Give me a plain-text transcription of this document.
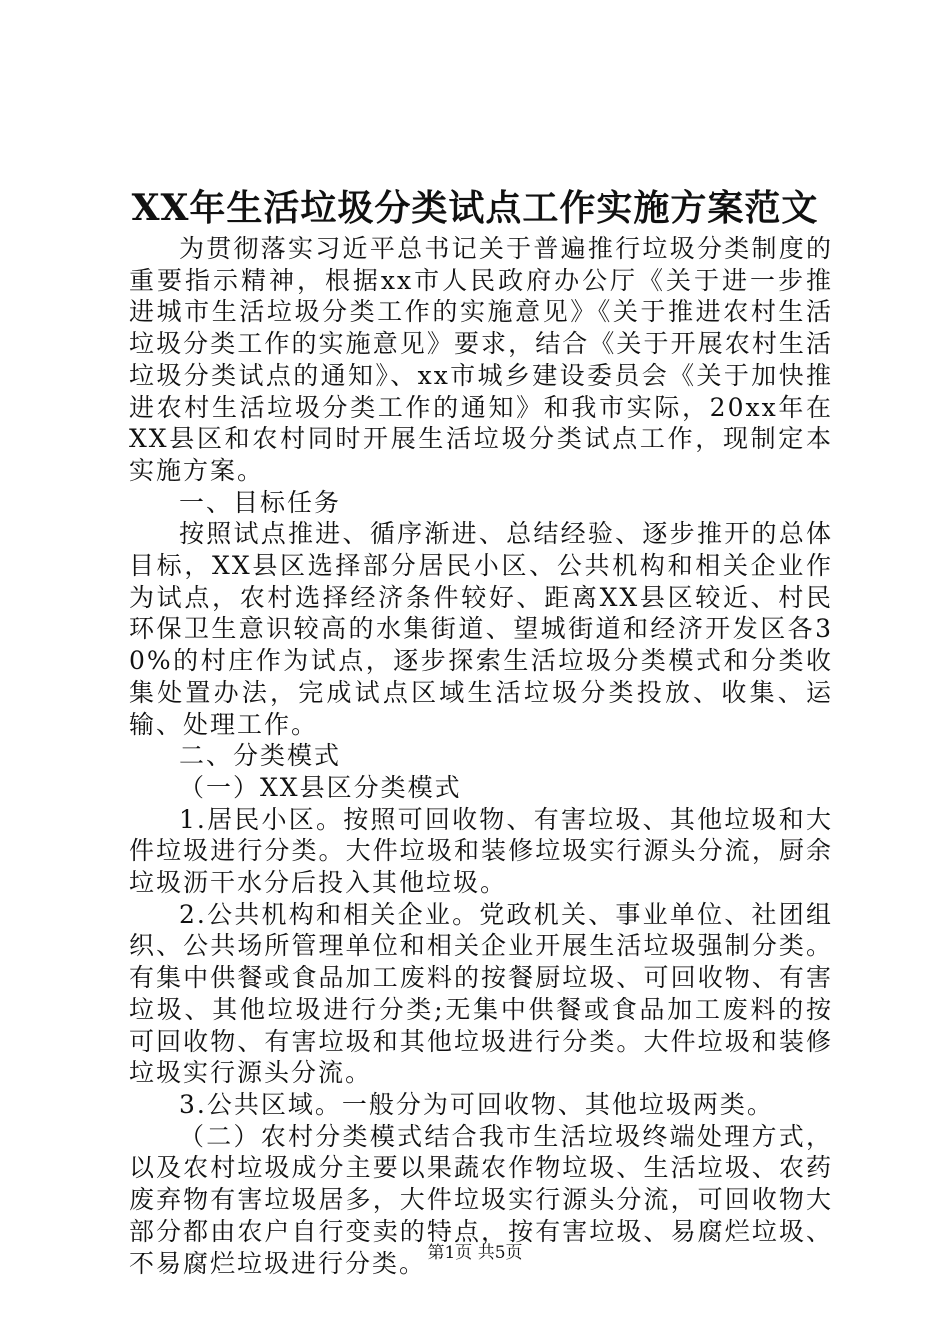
XX年生活垃圾分类试点工作实施方案范文

为贯彻落实习近平总书记关于普遍推行垃圾分类制度的重要指示精神，根据xx市人民政府办公厅《关于进一步推进城市生活垃圾分类工作的实施意见》《关于推进农村生活垃圾分类工作的实施意见》要求，结合《关于开展农村生活垃圾分类试点的通知》、xx市城乡建设委员会《关于加快推进农村生活垃圾分类工作的通知》和我市实际，20xx年在XX县区和农村同时开展生活垃圾分类试点工作，现制定本实施方案。

一、目标任务

按照试点推进、循序渐进、总结经验、逐步推开的总体目标，XX县区选择部分居民小区、公共机构和相关企业作为试点，农村选择经济条件较好、距离XX县区较近、村民环保卫生意识较高的水集街道、望城街道和经济开发区各30%的村庄作为试点，逐步探索生活垃圾分类模式和分类收集处置办法，完成试点区域生活垃圾分类投放、收集、运输、处理工作。

二、分类模式

（一）XX县区分类模式

1.居民小区。按照可回收物、有害垃圾、其他垃圾和大件垃圾进行分类。大件垃圾和装修垃圾实行源头分流，厨余垃圾沥干水分后投入其他垃圾。

2.公共机构和相关企业。党政机关、事业单位、社团组织、公共场所管理单位和相关企业开展生活垃圾强制分类。有集中供餐或食品加工废料的按餐厨垃圾、可回收物、有害垃圾、其他垃圾进行分类;无集中供餐或食品加工废料的按可回收物、有害垃圾和其他垃圾进行分类。大件垃圾和装修垃圾实行源头分流。

3.公共区域。一般分为可回收物、其他垃圾两类。

（二）农村分类模式结合我市生活垃圾终端处理方式，以及农村垃圾成分主要以果蔬农作物垃圾、生活垃圾、农药废弃物有害垃圾居多，大件垃圾实行源头分流，可回收物大部分都由农户自行变卖的特点，按有害垃圾、易腐烂垃圾、不易腐烂垃圾进行分类。 第1页 共5页
